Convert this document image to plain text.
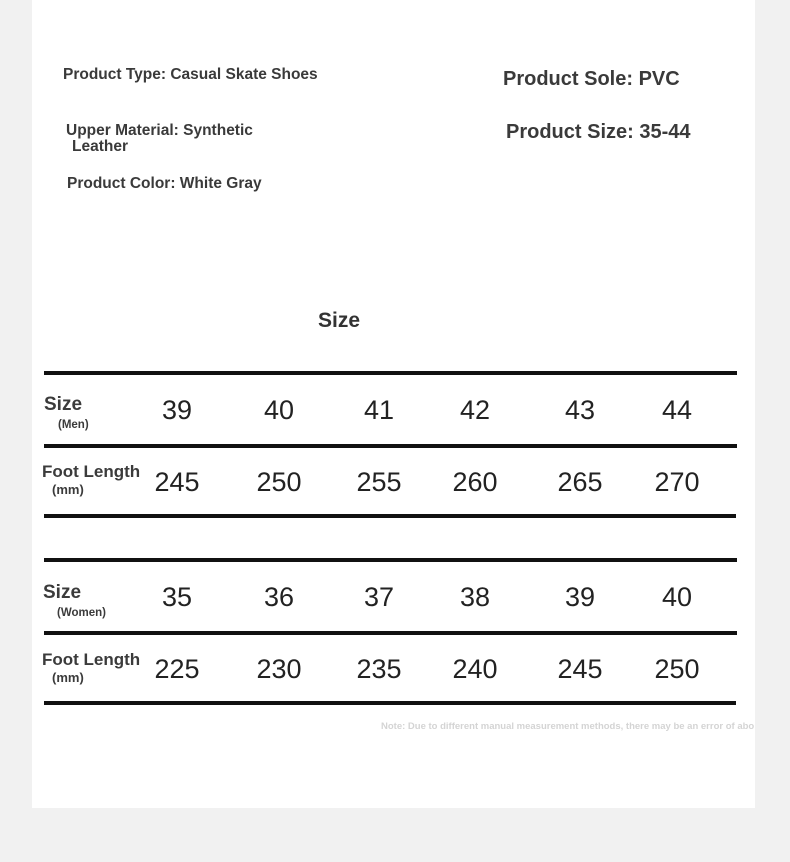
Product Type: Casual Skate Shoes
Upper Material: Synthetic
Leather
Product Color: White Gray
Product Sole: PVC
Product Size: 35-44
Size
Size
(Men)
Foot Length
(mm)
39	40	41 42	43 44
245 250 255 260 265 270
Size
(Women)
Foot Length
(mm)
35	36	37 38	39 40
225 230 235 240 245 250
Note: Due to different manual measurement methods, there may be an error of abo
